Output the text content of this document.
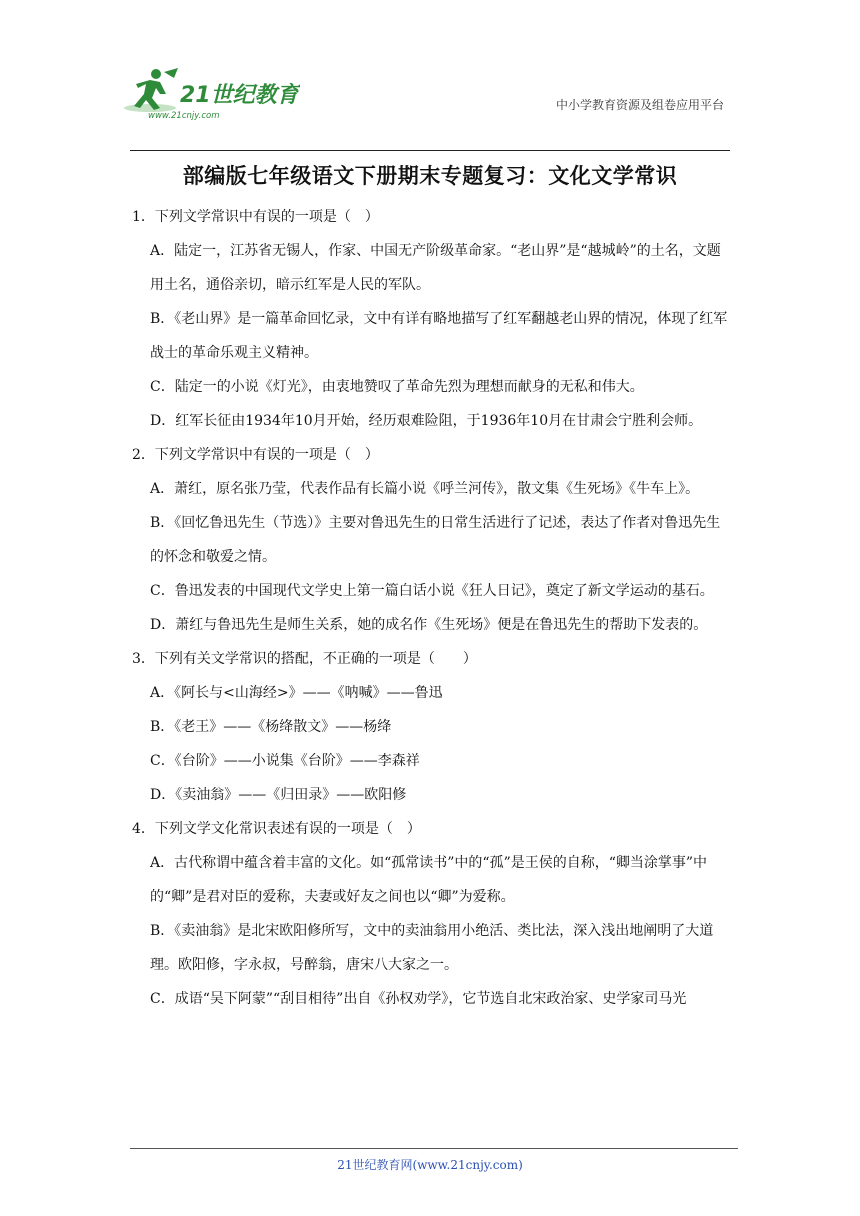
21世纪教育
www.21cnjy.com
中小学教育资源及组卷应用平台
部编版七年级语文下册期末专题复习：文化文学常识

1．下列文学常识中有误的一项是（　）

A．陆定一，江苏省无锡人，作家、中国无产阶级革命家。“老山界”是“越城岭”的土名，文题用土名，通俗亲切，暗示红军是人民的军队。

B．《老山界》是一篇革命回忆录，文中有详有略地描写了红军翻越老山界的情况，体现了红军战士的革命乐观主义精神。

C．陆定一的小说《灯光》，由衷地赞叹了革命先烈为理想而献身的无私和伟大。

D．红军长征由1934年10月开始，经历艰难险阻，于1936年10月在甘肃会宁胜利会师。

2．下列文学常识中有误的一项是（　）

A．萧红，原名张乃莹，代表作品有长篇小说《呼兰河传》，散文集《生死场》《牛车上》。

B．《回忆鲁迅先生（节选）》主要对鲁迅先生的日常生活进行了记述，表达了作者对鲁迅先生的怀念和敬爱之情。

C．鲁迅发表的中国现代文学史上第一篇白话小说《狂人日记》，奠定了新文学运动的基石。

D．萧红与鲁迅先生是师生关系，她的成名作《生死场》便是在鲁迅先生的帮助下发表的。

3．下列有关文学常识的搭配，不正确的一项是（　　）

A．《阿长与<山海经>》——《呐喊》——鲁迅

B．《老王》——《杨绛散文》——杨绛

C．《台阶》——小说集《台阶》——李森祥

D．《卖油翁》——《归田录》——欧阳修

4．下列文学文化常识表述有误的一项是（　）

A．古代称谓中蕴含着丰富的文化。如“孤常读书”中的“孤”是王侯的自称，“卿当涂掌事”中的“卿”是君对臣的爱称，夫妻或好友之间也以“卿”为爱称。

B．《卖油翁》是北宋欧阳修所写，文中的卖油翁用小绝活、类比法，深入浅出地阐明了大道理。欧阳修，字永叔，号醉翁，唐宋八大家之一。

C．成语“吴下阿蒙”“刮目相待”出自《孙权劝学》，它节选自北宋政治家、史学家司马光

21世纪教育网(www.21cnjy.com)
